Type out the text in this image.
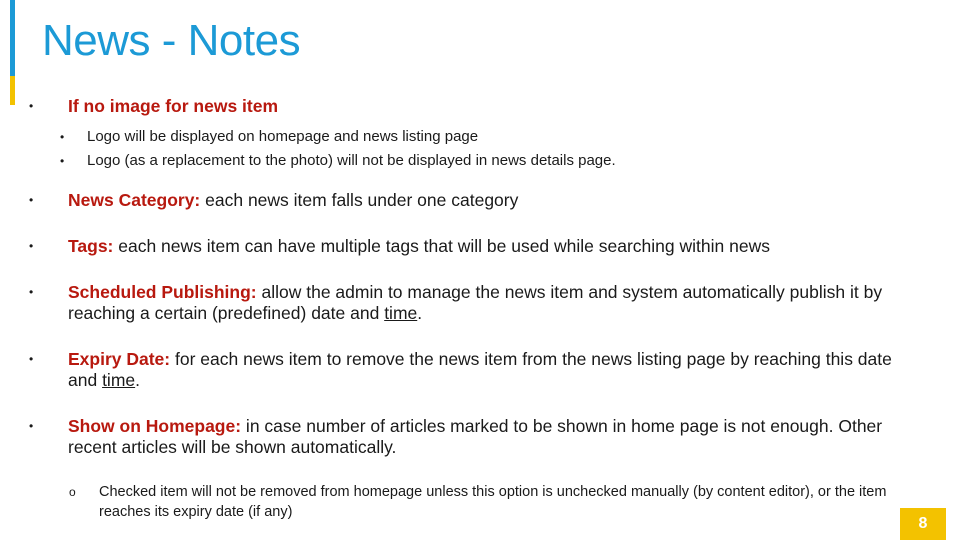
News - Notes
• If no image for news item
• Logo will be displayed on homepage and news listing page
• Logo (as a replacement to the photo) will not be displayed in news details page.
• News Category: each news item falls under one category
• Tags: each news item can have multiple tags that will be used while searching within news
• Scheduled Publishing: allow the admin to manage the news item and system automatically publish it by reaching a certain (predefined) date and time.
• Expiry Date: for each news item to remove the news item from the news listing page by reaching this date and time.
• Show on Homepage: in case number of articles marked to be shown in home page is not enough. Other recent articles will be shown automatically.
o Checked item will not be removed from homepage unless this option is unchecked manually (by content editor), or the item reaches its expiry date (if any)
8
